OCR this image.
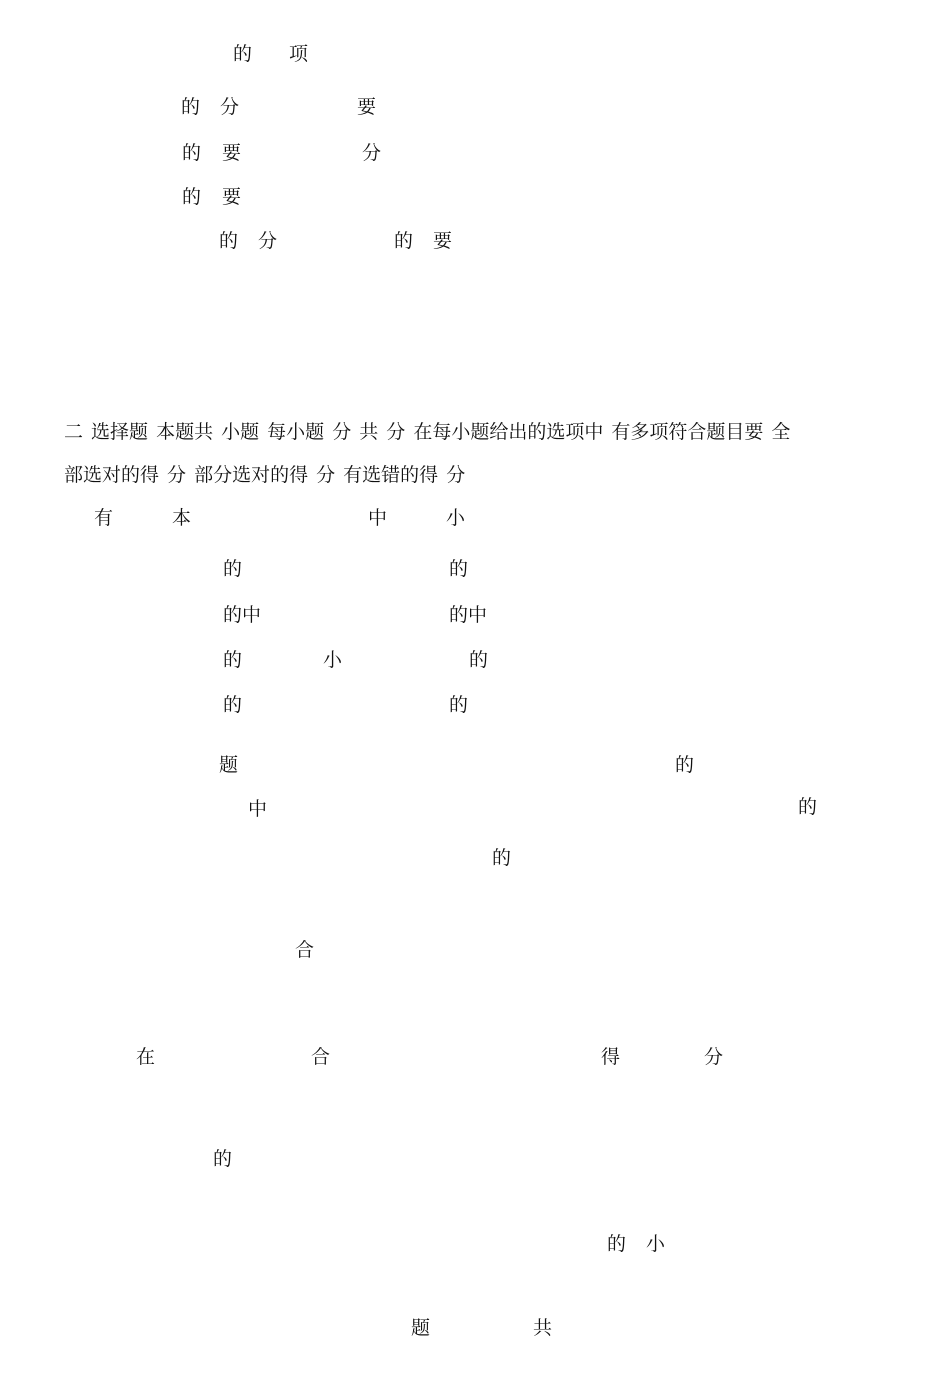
的 项
的 分	要
的 要	分
的 要
的 分	的 要
二 选择题 本题共 小题 每小题 分 共 分 在每小题给出的选项中 有多项符合题目要 全
部选对的得 分 部分选对的得 分 有选错的得 分
有	本	中	小
的	的
的中	的中
的	小	的
的	的
题	的
中	的
的
合
在	合	得	分
的
的 小
题	共
